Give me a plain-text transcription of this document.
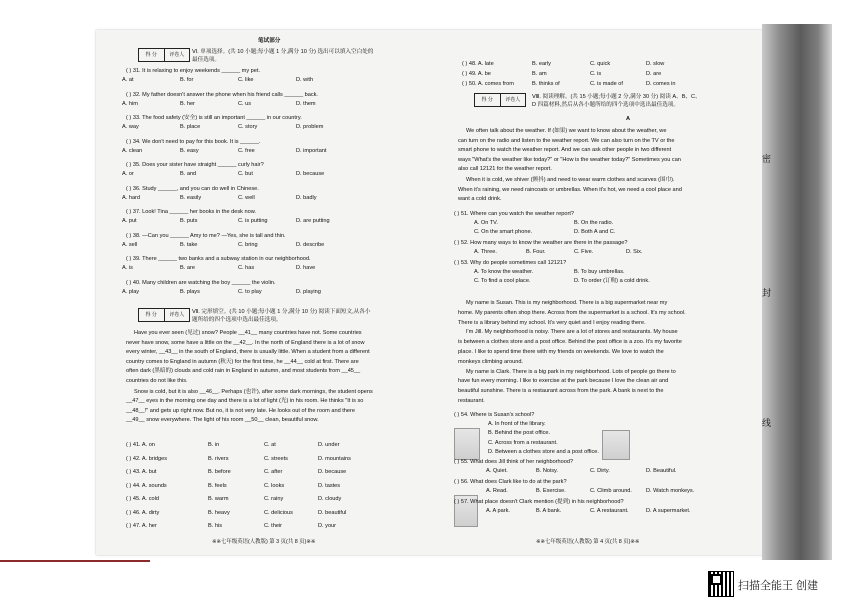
笔试部分
得 分	评卷人	Ⅵ. 单项选择。(共 10 小题;每小题 1 分,满分 10 分) 选出可以填入空白处的
最佳选项。
( ) 31. It is relaxing to enjoy weekends ______ my pet.
A. at	B. for	C. like	D. with
( ) 32. My father doesn't answer the phone when his friend calls ______ back.
A. him	B. her	C. us	D. them
( ) 33. The food safety (安全) is still an important ______ in our country.
A. way	B. place	C. story	D. problem
( ) 34. We don't need to pay for this book. It is ______.
A. clean	B. easy	C. free	D. important
( ) 35. Does your sister have straight ______ curly hair?
A. or	B. and	C. but	D. because
( ) 36. Study ______, and you can do well in Chinese.
A. hard	B. easily	C. well	D. badly
( ) 37. Look! Tina ______ her books in the desk now.
A. put	B. puts	C. is putting	D. are putting
( ) 38. —Can you ______ Amy to me? —Yes, she is tall and thin.
A. sell	B. take	C. bring	D. describe
( ) 39. There ______ two banks and a subway station in our neighborhood.
A. is	B. are	C. has	D. have
( ) 40. Many children are watching the boy ______ the violin.
A. play	B. plays	C. to play	D. playing
得 分	评卷人	Ⅶ. 完形填空。(共 10 小题;每小题 1 分,满分 10 分) 阅读下面短文,从各小
题所给的四个选项中选出最佳选项。
Have you ever seen (见过) snow? People __41__ many countries have not. Some countries
never have snow, some have a little on the __42__. In the north of England there is a lot of snow
every winter, __43__ in the south of England, there is usually little. When a student from a different
country comes to England in autumn (秋天) for the first time, he __44__ cold at first. There are
often dark (黑暗的) clouds and cold rain in England in autumn, and most students from __45__
countries do not like this.
Snow is cold, but it is also __46__. Perhaps (也许), after some dark mornings, the student opens
__47__ eyes in the morning one day and there is a lot of light (光) in his room. He thinks "It is so
__48__!" and gets up right now. But no, it is not very late. He looks out of the room and there
__49__ snow everywhere. The light of his room __50__ clean, beautiful snow.
( ) 41. A. on	B. in	C. at	D. under
( ) 42. A. bridges	B. rivers	C. streets	D. mountains
( ) 43. A. but	B. before	C. after	D. because
( ) 44. A. sounds	B. feels	C. looks	D. tastes
( ) 45. A. cold	B. warm	C. rainy	D. cloudy
( ) 46. A. dirty	B. heavy	C. delicious	D. beautiful
( ) 47. A. her	B. his	C. their	D. your
※※七年级英语(人教版) 第 3 页(共 8 页)※※
( ) 48. A. late	B. early	C. quick	D. slow
( ) 49. A. be	B. am	C. is	D. are
( ) 50. A. comes from	B. thinks of	C. is made of	D. comes in
得 分	评卷人	Ⅷ. 阅读理解。(共 15 小题;每小题 2 分,满分 30 分) 阅读 A、B、C、
D 四篇材料,然后从各小题所给的四个选项中选出最佳选项。
A
We often talk about the weather. If (如果) we want to know about the weather, we
can turn on the radio and listen to the weather report. We can also turn on the TV or the
smart phone to watch the weather report. And we can ask other people in two different
ways "What's the weather like today?" or "How is the weather today?" Sometimes you can
also call 12121 for the weather report.
When it is cold, we shiver (颤抖) and need to wear warm clothes and scarves (围巾).
When it's raining, we need raincoats or umbrellas. When it's hot, we need a cool place and
want a cold drink.
( ) 51. Where can you watch the weather report?
A. On TV.	B. On the radio.
C. On the smart phone.	D. Both A and C.
( ) 52. How many ways to know the weather are there in the passage?
A. Three.	B. Four.	C. Five.	D. Six.
( ) 53. Why do people sometimes call 12121?
A. To know the weather.	B. To buy umbrellas.
C. To find a cool place.	D. To order (订购) a cold drink.
My name is Susan. This is my neighborhood. There is a big supermarket near my
home. My parents often shop there. Across from the supermarket is a school. It's my school.
There is a library behind my school. It's very quiet and I enjoy reading there.
I'm Jill. My neighborhood is noisy. There are a lot of stores and restaurants. My house
is between a clothes store and a post office. Behind the post office is a zoo. It's my favorite
place. I like to spend time there with my friends on weekends. We love to watch the
monkeys climbing around.
My name is Clark. There is a big park in my neighborhood. Lots of people go there to
have fun every morning. I like to exercise at the park because I love the clean air and
beautiful sunshine. There is a restaurant across from the park. A bank is next to the
restaurant.
( ) 54. Where is Susan's school?
A. In front of the library.
B. Behind the post office.
C. Across from a restaurant.
D. Between a clothes store and a post office.
( ) 55. What does Jill think of her neighborhood?
A. Quiet.	B. Noisy.	C. Dirty.	D. Beautiful.
( ) 56. What does Clark like to do at the park?
A. Read.	B. Exercise.	C. Climb around.	D. Watch monkeys.
( ) 57. What place doesn't Clark mention (提到) in his neighborhood?
A. A park.	B. A bank.	C. A restaurant.	D. A supermarket.
※※七年级英语(人教版) 第 4 页(共 8 页)※※
密
封
线
扫描全能王 创建
